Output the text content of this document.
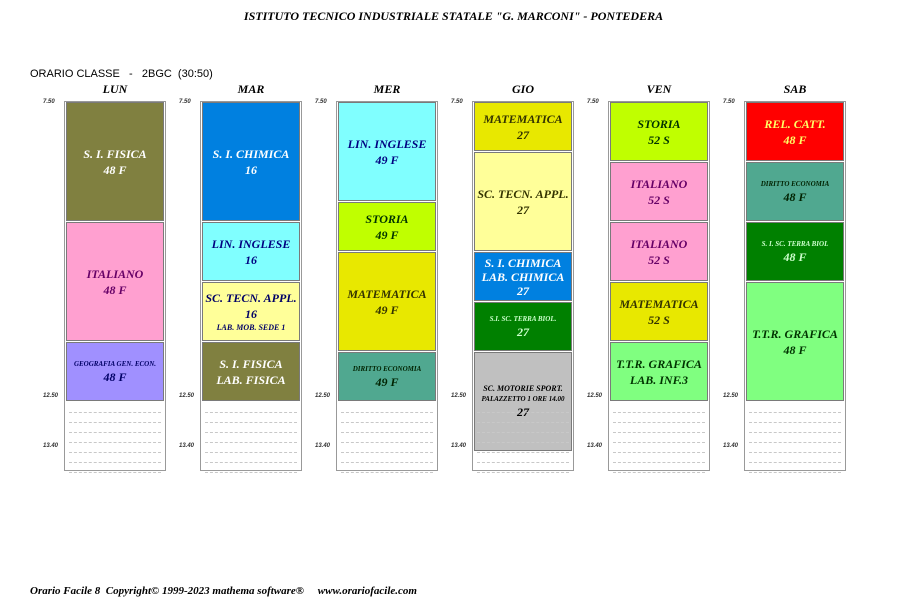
ISTITUTO TECNICO INDUSTRIALE STATALE "G. MARCONI" - PONTEDERA
ORARIO CLASSE   -   2BGC  (30:50)
LUN
S. I. FISICA
48 F
ITALIANO
48 F
GEOGRAFIA GEN. ECON.
48 F
7.50
12.50
13.40
MAR
S. I. CHIMICA
16
LIN. INGLESE
16
SC. TECN. APPL.
16
LAB. MOB. SEDE 1
S. I. FISICA
LAB. FISICA
7.50
12.50
13.40
MER
LIN. INGLESE
49 F
STORIA
49 F
MATEMATICA
49 F
DIRITTO ECONOMIA
49 F
7.50
12.50
13.40
GIO
MATEMATICA
27
SC. TECN. APPL.
27
S. I. CHIMICA
LAB. CHIMICA
27
S.I. SC. TERRA BIOL.
27
SC. MOTORIE SPORT.
PALAZZETTO 1 ORE 14.00
27
7.50
12.50
13.40
VEN
STORIA
52 S
ITALIANO
52 S
ITALIANO
52 S
MATEMATICA
52 S
T.T.R. GRAFICA
LAB. INF.3
7.50
12.50
13.40
SAB
REL. CATT.
48 F
DIRITTO ECONOMIA
48 F
S. I. SC. TERRA BIOL
48 F
T.T.R. GRAFICA
48 F
7.50
12.50
13.40
Orario Facile 8  Copyright© 1999-2023 mathema software®     www.orariofacile.com
